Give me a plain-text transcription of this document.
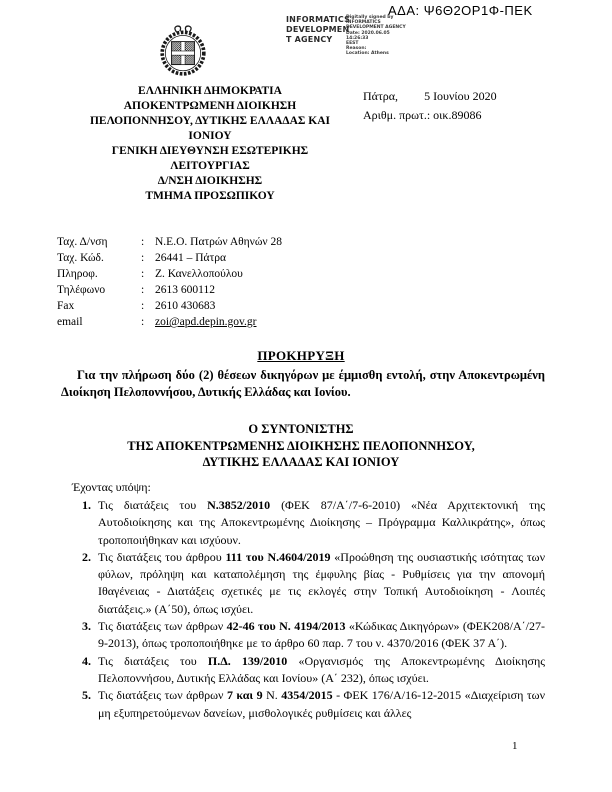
ΑΔΑ: Ψ6Θ2ΟΡ1Φ-ΠΕΚ
INFORMATICS
DEVELOPMEN
T AGENCY
Digitally signed by
INFORMATICS
DEVELOPMENT AGENCY
Date: 2020.06.05 14:26:33
EEST
Reason:
Location: Athens
ΕΛΛΗΝΙΚΗ ΔΗΜΟΚΡΑΤΙΑ
ΑΠΟΚΕΝΤΡΩΜΕΝΗ ΔΙΟΙΚΗΣΗ
ΠΕΛΟΠΟΝΝΗΣΟΥ, ΔΥΤΙΚΗΣ ΕΛΛΑΔΑΣ ΚΑΙ
ΙΟΝΙΟΥ
ΓΕΝΙΚΗ ΔΙΕΥΘΥΝΣΗ ΕΣΩΤΕΡΙΚΗΣ
ΛΕΙΤΟΥΡΓΙΑΣ
Δ/ΝΣΗ ΔΙΟΙΚΗΣΗΣ
ΤΜΗΜΑ ΠΡΟΣΩΠΙΚΟΥ
Πάτρα, 5 Ιουνίου 2020
Αριθμ. πρωτ.: οικ.89086
Ταχ. Δ/νση	: Ν.Ε.Ο. Πατρών Αθηνών 28
Ταχ. Κώδ.	: 26441 – Πάτρα
Πληροφ.	: Ζ. Κανελλοπούλου
Τηλέφωνο	: 2613 600112
Fax	: 2610 430683
email	: zoi@apd.depin.gov.gr
ΠΡΟΚΗΡΥΞΗ
Για την πλήρωση δύο (2) θέσεων δικηγόρων με έμμισθη εντολή, στην Αποκεντρωμένη Διοίκηση Πελοποννήσου, Δυτικής Ελλάδας και Ιονίου.
Ο ΣΥΝΤΟΝΙΣΤΗΣ
ΤΗΣ ΑΠΟΚΕΝΤΡΩΜΕΝΗΣ ΔΙΟΙΚΗΣΗΣ ΠΕΛΟΠΟΝΝΗΣΟΥ,
ΔΥΤΙΚΗΣ ΕΛΛΑΔΑΣ ΚΑΙ ΙΟΝΙΟΥ
Έχοντας υπόψη:
1. Τις διατάξεις του Ν.3852/2010 (ΦΕΚ 87/Α΄/7-6-2010) «Νέα Αρχιτεκτονική της Αυτοδιοίκησης και της Αποκεντρωμένης Διοίκησης – Πρόγραμμα Καλλικράτης», όπως τροποποιήθηκαν και ισχύουν.
2. Τις διατάξεις του άρθρου 111 του Ν.4604/2019 «Προώθηση της ουσιαστικής ισότητας των φύλων, πρόληψη και καταπολέμηση της έμφυλης βίας - Ρυθμίσεις για την απονομή Ιθαγένειας - Διατάξεις σχετικές με τις εκλογές στην Τοπική Αυτοδιοίκηση - Λοιπές διατάξεις.» (Α΄50), όπως ισχύει.
3. Τις διατάξεις των άρθρων 42-46 του Ν. 4194/2013 «Κώδικας Δικηγόρων» (ΦΕΚ208/Α΄/27-9-2013), όπως τροποποιήθηκε με το άρθρο 60 παρ. 7 του ν. 4370/2016 (ΦΕΚ 37 Α΄).
4. Τις διατάξεις του Π.Δ. 139/2010 «Οργανισμός της Αποκεντρωμένης Διοίκησης Πελοποννήσου, Δυτικής Ελλάδας και Ιονίου» (Α΄ 232), όπως ισχύει.
5. Τις διατάξεις των άρθρων 7 και 9 Ν. 4354/2015 - ΦΕΚ 176/Α/16-12-2015 «Διαχείριση των μη εξυπηρετούμενων δανείων, μισθολογικές ρυθμίσεις και άλλες
1
